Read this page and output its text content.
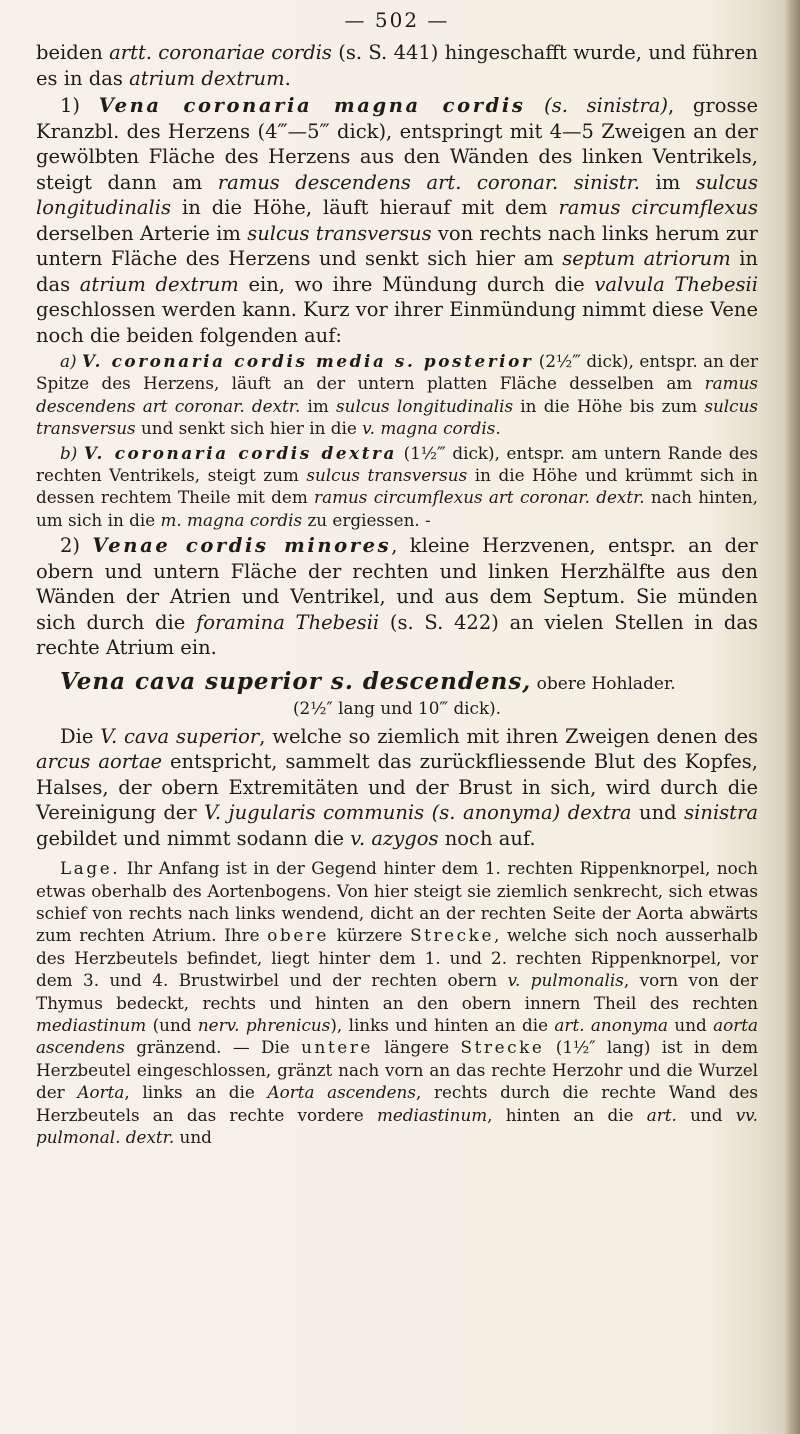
— 502 —

beiden artt. coronariae cordis (s. S. 441) hingeschafft wurde, und führen es in das atrium dextrum.

1) Vena coronaria magna cordis (s. sinistra), grosse Kranzbl. des Herzens (4‴—5‴ dick), entspringt mit 4—5 Zweigen an der gewölbten Fläche des Herzens aus den Wänden des linken Ventrikels, steigt dann am ramus descendens art. coronar. sinistr. im sulcus longitudinalis in die Höhe, läuft hierauf mit dem ramus circumflexus derselben Arterie im sulcus transversus von rechts nach links herum zur untern Fläche des Herzens und senkt sich hier am septum atriorum in das atrium dextrum ein, wo ihre Mündung durch die valvula Thebesii geschlossen werden kann. Kurz vor ihrer Einmündung nimmt diese Vene noch die beiden folgenden auf:

a) V. coronaria cordis media s. posterior (2½‴ dick), entspr. an der Spitze des Herzens, läuft an der untern platten Fläche desselben am ramus descendens art coronar. dextr. im sulcus longitudinalis in die Höhe bis zum sulcus transversus und senkt sich hier in die v. magna cordis.

b) V. coronaria cordis dextra (1½‴ dick), entspr. am untern Rande des rechten Ventrikels, steigt zum sulcus transversus in die Höhe und krümmt sich in dessen rechtem Theile mit dem ramus circumflexus art coronar. dextr. nach hinten, um sich in die m. magna cordis zu ergiessen. -

2) Venae cordis minores, kleine Herzvenen, entspr. an der obern und untern Fläche der rechten und linken Herzhälfte aus den Wänden der Atrien und Ventrikel, und aus dem Septum. Sie münden sich durch die foramina Thebesii (s. S. 422) an vielen Stellen in das rechte Atrium ein.

Vena cava superior s. descendens, obere Hohlader.

(2½″ lang und 10‴ dick).

Die V. cava superior, welche so ziemlich mit ihren Zweigen denen des arcus aortae entspricht, sammelt das zurückfliessende Blut des Kopfes, Halses, der obern Extremitäten und der Brust in sich, wird durch die Vereinigung der V. jugularis communis (s. anonyma) dextra und sinistra gebildet und nimmt sodann die v. azygos noch auf.

Lage. Ihr Anfang ist in der Gegend hinter dem 1. rechten Rippenknorpel, noch etwas oberhalb des Aortenbogens. Von hier steigt sie ziemlich senkrecht, sich etwas schief von rechts nach links wendend, dicht an der rechten Seite der Aorta abwärts zum rechten Atrium. Ihre obere kürzere Strecke, welche sich noch ausserhalb des Herzbeutels befindet, liegt hinter dem 1. und 2. rechten Rippenknorpel, vor dem 3. und 4. Brustwirbel und der rechten obern v. pulmonalis, vorn von der Thymus bedeckt, rechts und hinten an den obern innern Theil des rechten mediastinum (und nerv. phrenicus), links und hinten an die art. anonyma und aorta ascendens gränzend. — Die untere längere Strecke (1½″ lang) ist in dem Herzbeutel eingeschlossen, gränzt nach vorn an das rechte Herzohr und die Wurzel der Aorta, links an die Aorta ascendens, rechts durch die rechte Wand des Herzbeutels an das rechte vordere mediastinum, hinten an die art. und vv. pulmonal. dextr. und
